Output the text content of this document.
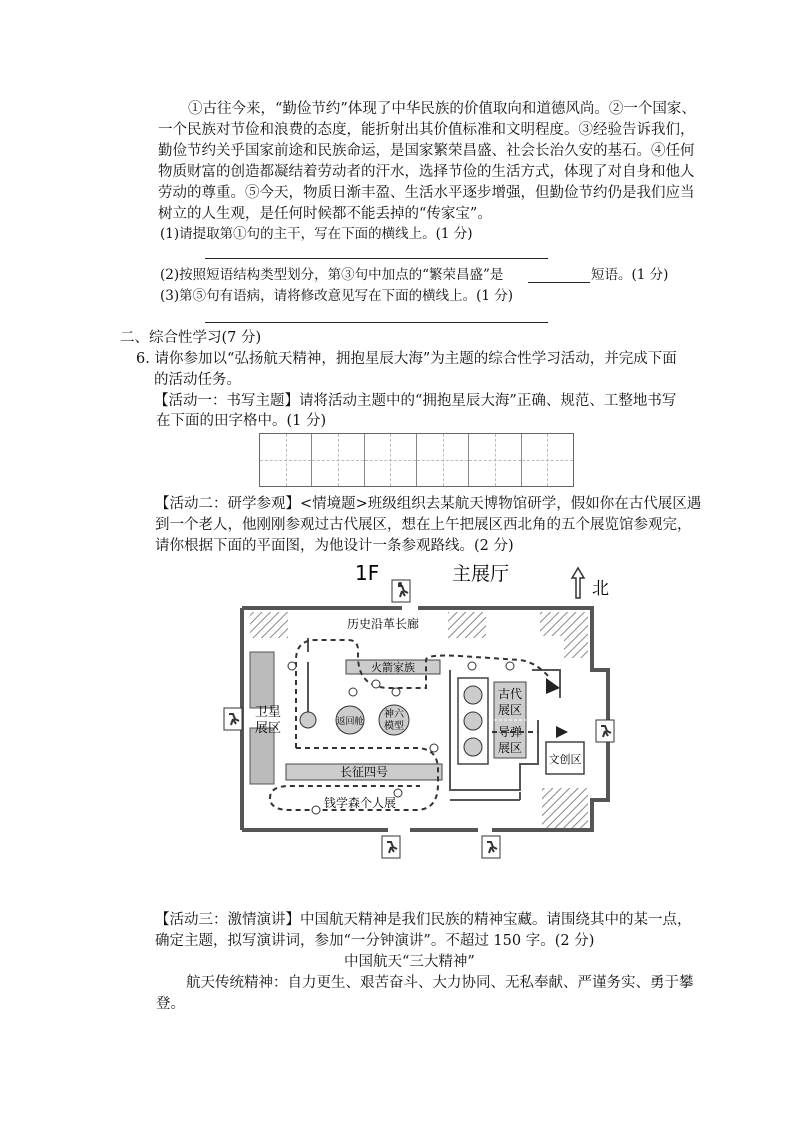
①古往今来，“勤俭节约”体现了中华民族的价值取向和道德风尚。②一个国家、
一个民族对节俭和浪费的态度，能折射出其价值标准和文明程度。③经验告诉我们，
勤俭节约关乎国家前途和民族命运，是国家繁荣昌盛、社会长治久安的基石。④任何
物质财富的创造都凝结着劳动者的汗水，选择节俭的生活方式，体现了对自身和他人
劳动的尊重。⑤今天，物质日渐丰盈、生活水平逐步增强，但勤俭节约仍是我们应当
树立的人生观，是任何时候都不能丢掉的“传家宝”。
(1)请提取第①句的主干，写在下面的横线上。(1 分)
(2)按照短语结构类型划分，第③句中加点的“繁荣昌盛”是	短语。(1 分)
(3)第⑤句有语病，请将修改意见写在下面的横线上。(1 分)
二、综合性学习(7 分)
6. 请你参加以“弘扬航天精神，拥抱星辰大海”为主题的综合性学习活动，并完成下面
的活动任务。
【活动一：书写主题】请将活动主题中的“拥抱星辰大海”正确、规范、工整地书写
在下面的田字格中。(1 分)
【活动二：研学参观】<情境题>班级组织去某航天博物馆研学，假如你在古代展区遇
到一个老人，他刚刚参观过古代展区，想在上午把展区西北角的五个展览馆参观完，
请你根据下面的平面图，为他设计一条参观路线。(2 分)
1F	主展厅
北
火箭家族
历史沿革长廊
古代
展区
导弹
展区
文创区
卫星
展区	返回舱
神六
模型
长征四号
钱学森个人展
【活动三：激情演讲】中国航天精神是我们民族的精神宝藏。请围绕其中的某一点，
确定主题，拟写演讲词，参加“一分钟演讲”。不超过 150 字。(2 分)
中国航天“三大精神”
航天传统精神：自力更生、艰苦奋斗、大力协同、无私奉献、严谨务实、勇于攀
登。
